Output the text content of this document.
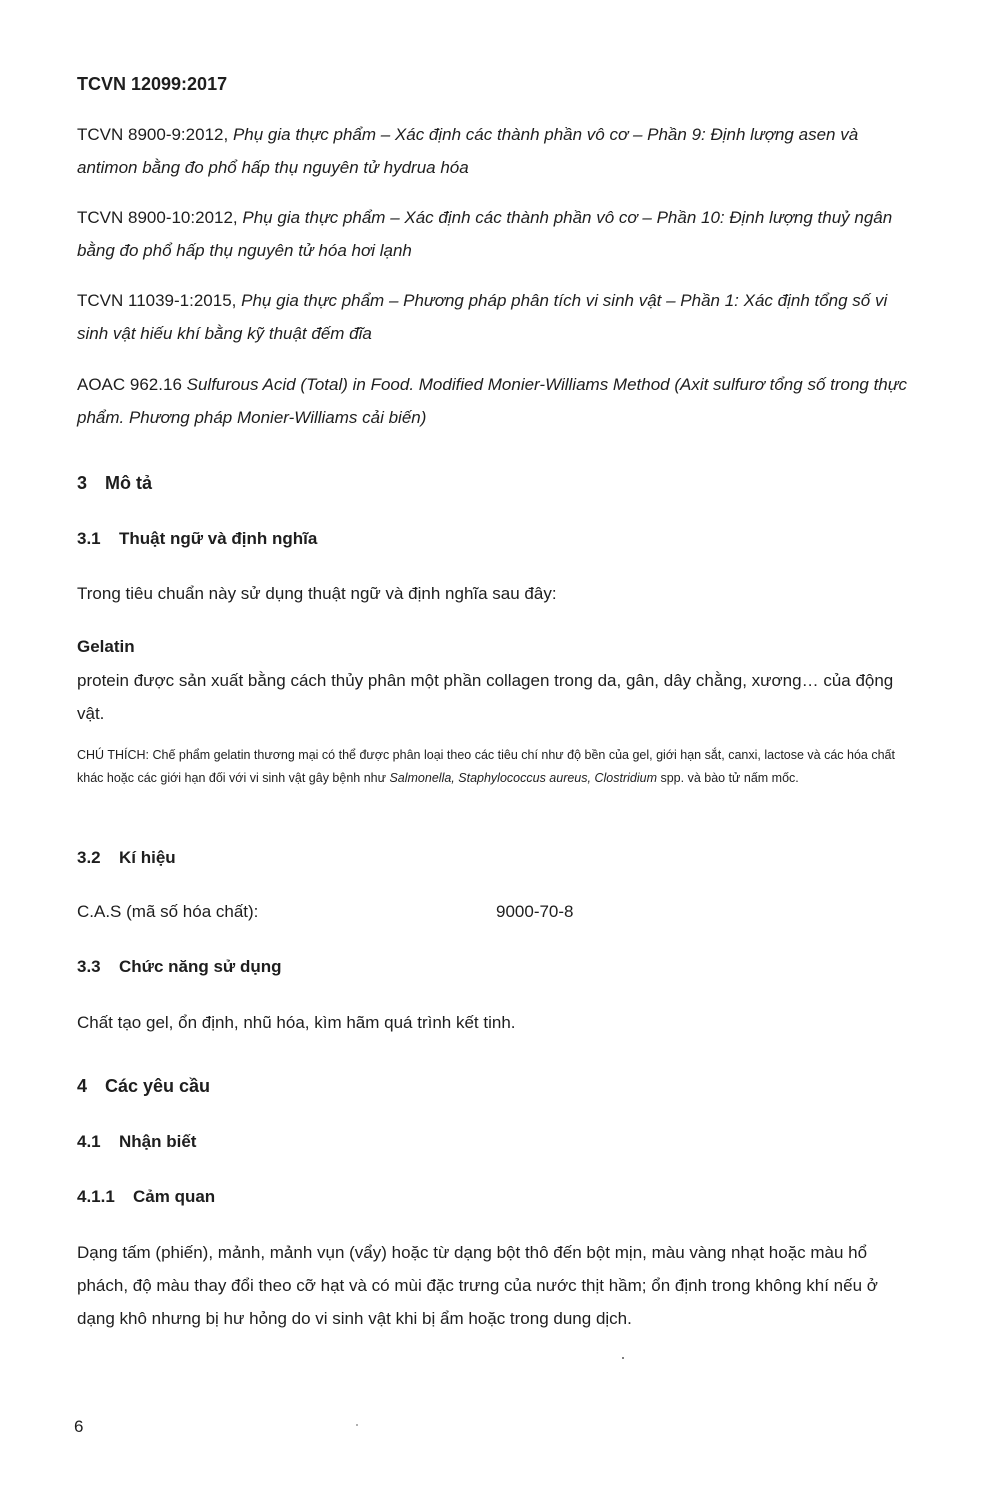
TCVN 12099:2017
TCVN 8900-9:2012, Phụ gia thực phẩm – Xác định các thành phần vô cơ – Phần 9: Định lượng asen và antimon bằng đo phổ hấp thụ nguyên tử hydrua hóa
TCVN 8900-10:2012, Phụ gia thực phẩm – Xác định các thành phần vô cơ – Phần 10: Định lượng thuỷ ngân bằng đo phổ hấp thụ nguyên tử hóa hơi lạnh
TCVN 11039-1:2015, Phụ gia thực phẩm – Phương pháp phân tích vi sinh vật – Phần 1: Xác định tổng số vi sinh vật hiếu khí bằng kỹ thuật đếm đĩa
AOAC 962.16 Sulfurous Acid (Total) in Food. Modified Monier-Williams Method (Axit sulfurơ tổng số trong thực phẩm. Phương pháp Monier-Williams cải biến)
3 Mô tả
3.1 Thuật ngữ và định nghĩa
Trong tiêu chuẩn này sử dụng thuật ngữ và định nghĩa sau đây:
Gelatin
protein được sản xuất bằng cách thủy phân một phần collagen trong da, gân, dây chằng, xương… của động vật.
CHÚ THÍCH: Chế phẩm gelatin thương mại có thể được phân loại theo các tiêu chí như độ bền của gel, giới hạn sắt, canxi, lactose và các hóa chất khác hoặc các giới hạn đối với vi sinh vật gây bệnh như Salmonella, Staphylococcus aureus, Clostridium spp. và bào tử nấm mốc.
3.2 Kí hiệu
C.A.S (mã số hóa chất):	9000-70-8
3.3 Chức năng sử dụng
Chất tạo gel, ổn định, nhũ hóa, kìm hãm quá trình kết tinh.
4 Các yêu cầu
4.1 Nhận biết
4.1.1 Cảm quan
Dạng tấm (phiến), mảnh, mảnh vụn (vẩy) hoặc từ dạng bột thô đến bột mịn, màu vàng nhạt hoặc màu hổ phách, độ màu thay đổi theo cỡ hạt và có mùi đặc trưng của nước thịt hầm; ổn định trong không khí nếu ở dạng khô nhưng bị hư hỏng do vi sinh vật khi bị ẩm hoặc trong dung dịch.
6
